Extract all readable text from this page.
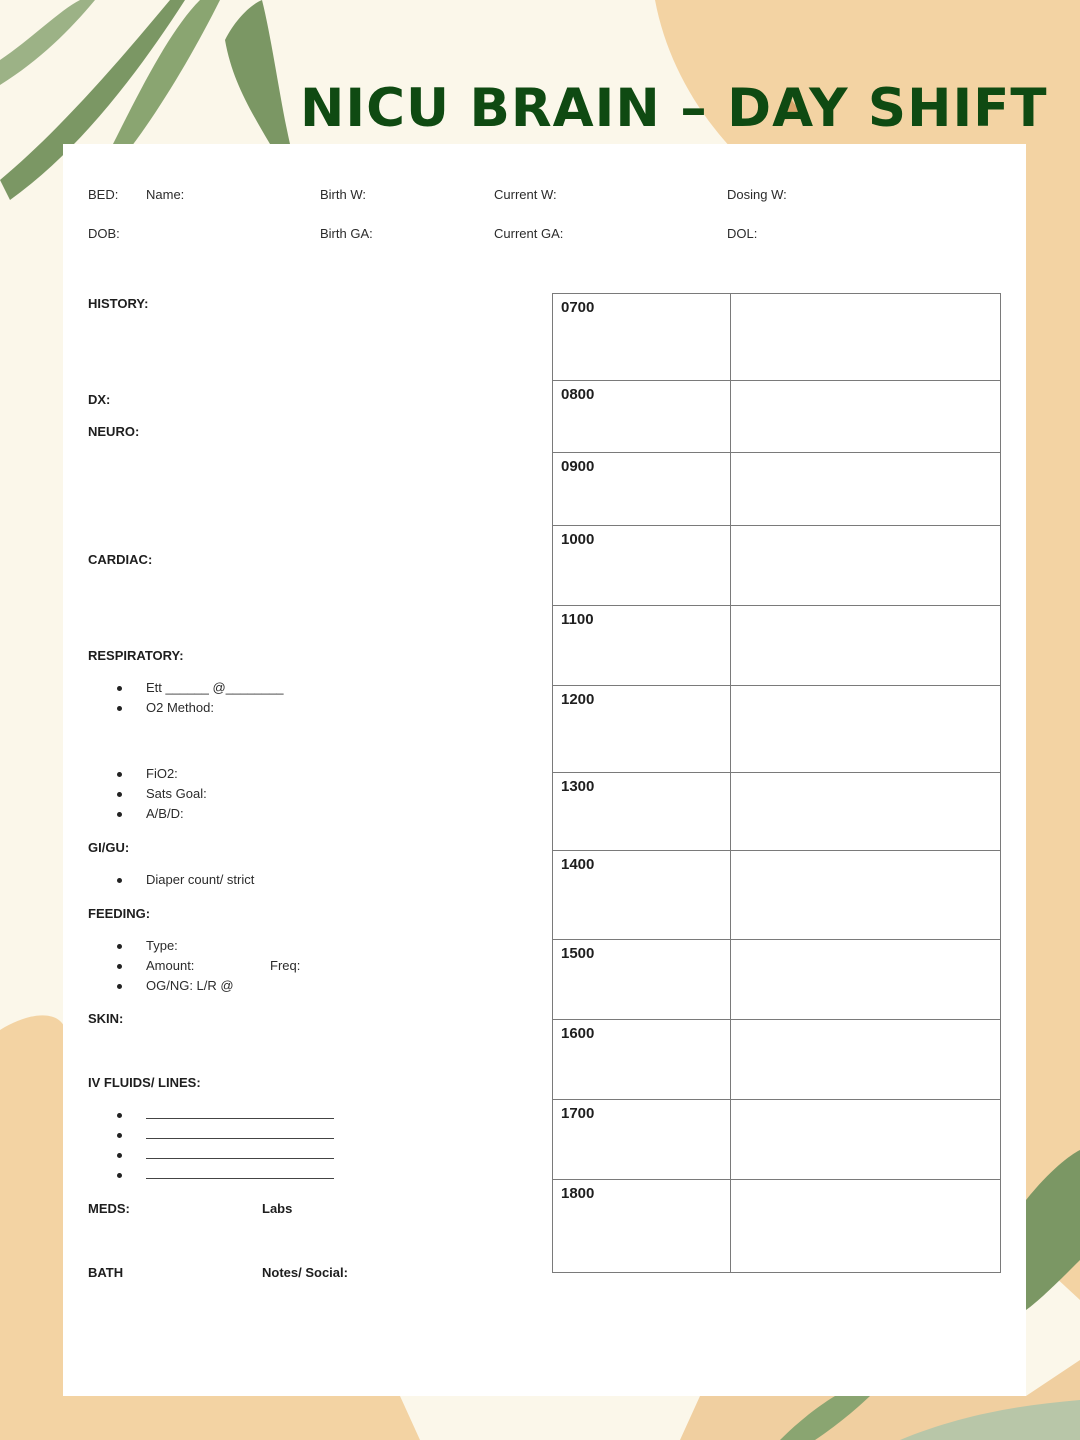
NICU BRAIN – DAY SHIFT
BED: Name:	Birth W:	Current W:	Dosing W:
DOB:	Birth GA:	Current GA:	DOL:
HISTORY:
DX:
NEURO:
CARDIAC:
RESPIRATORY:
Ett ______ @________
O2 Method:
FiO2:
Sats Goal:
A/B/D:
GI/GU:
Diaper count/ strict
FEEDING:
Type:
Amount:	Freq:
OG/NG: L/R @
SKIN:
IV FLUIDS/ LINES:
MEDS:	Labs
BATH	Notes/ Social:
0700
0800
0900
1000
1100
1200
1300
1400
1500
1600
1700
1800
